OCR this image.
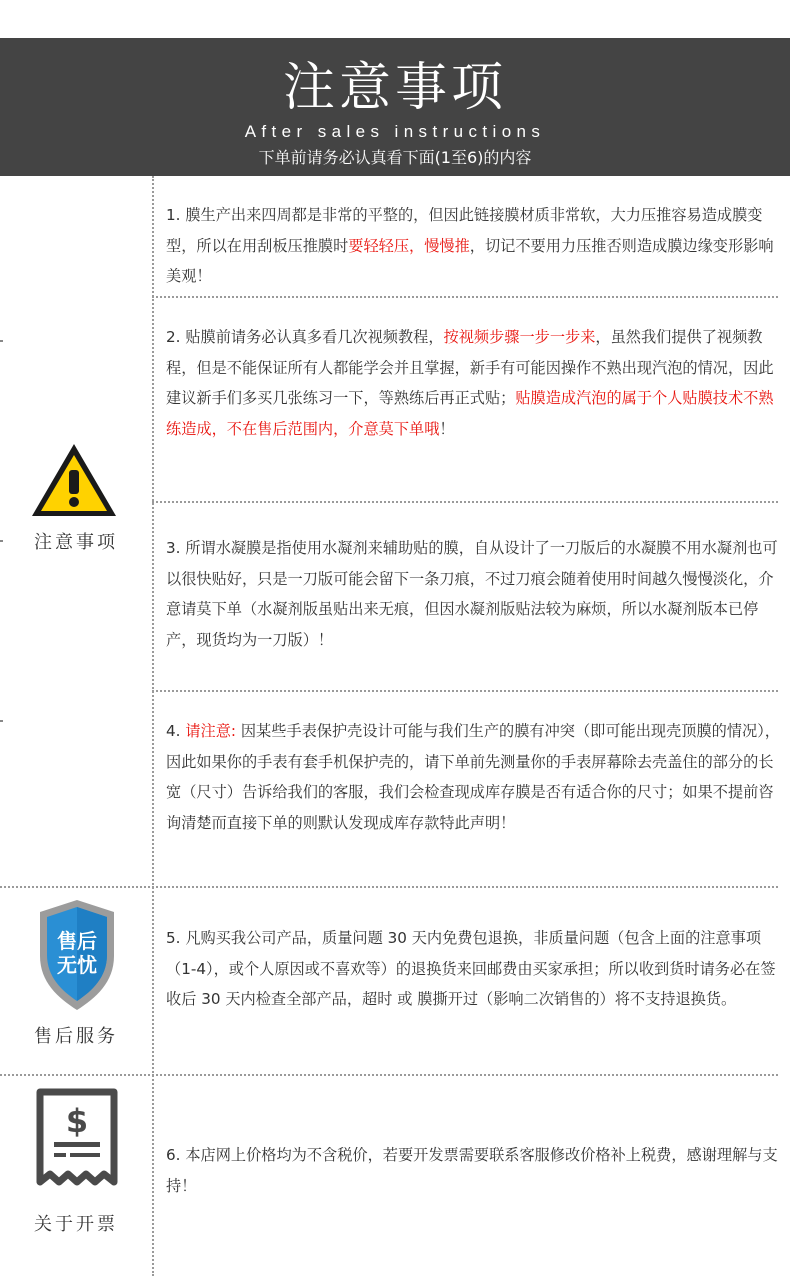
注意事项
After sales instructions
下单前请务必认真看下面(1至6)的内容
注意事项
售后
无忧
售后服务
$
关于开票
1. 膜生产出来四周都是非常的平整的，但因此链接膜材质非常软，大力压推容易造成膜变型，所以在用刮板压推膜时要轻轻压，慢慢推，切记不要用力压推否则造成膜边缘变形影响美观！
2. 贴膜前请务必认真多看几次视频教程，按视频步骤一步一步来，虽然我们提供了视频教程，但是不能保证所有人都能学会并且掌握，新手有可能因操作不熟出现汽泡的情况，因此建议新手们多买几张练习一下，等熟练后再正式贴；贴膜造成汽泡的属于个人贴膜技术不熟练造成，不在售后范围内，介意莫下单哦！
3. 所谓水凝膜是指使用水凝剂来辅助贴的膜，自从设计了一刀版后的水凝膜不用水凝剂也可以很快贴好，只是一刀版可能会留下一条刀痕，不过刀痕会随着使用时间越久慢慢淡化，介意请莫下单（水凝剂版虽贴出来无痕，但因水凝剂版贴法较为麻烦，所以水凝剂版本已停产，现货均为一刀版）！
4. 请注意: 因某些手表保护壳设计可能与我们生产的膜有冲突（即可能出现壳顶膜的情况），因此如果你的手表有套手机保护壳的，请下单前先测量你的手表屏幕除去壳盖住的部分的长宽（尺寸）告诉给我们的客服，我们会检查现成库存膜是否有适合你的尺寸；如果不提前咨询清楚而直接下单的则默认发现成库存款特此声明！
5. 凡购买我公司产品，质量问题 30 天内免费包退换，非质量问题（包含上面的注意事项（1-4），或个人原因或不喜欢等）的退换货来回邮费由买家承担；所以收到货时请务必在签收后 30 天内检查全部产品，超时 或 膜撕开过（影响二次销售的）将不支持退换货。
6. 本店网上价格均为不含税价，若要开发票需要联系客服修改价格补上税费，感谢理解与支持！
